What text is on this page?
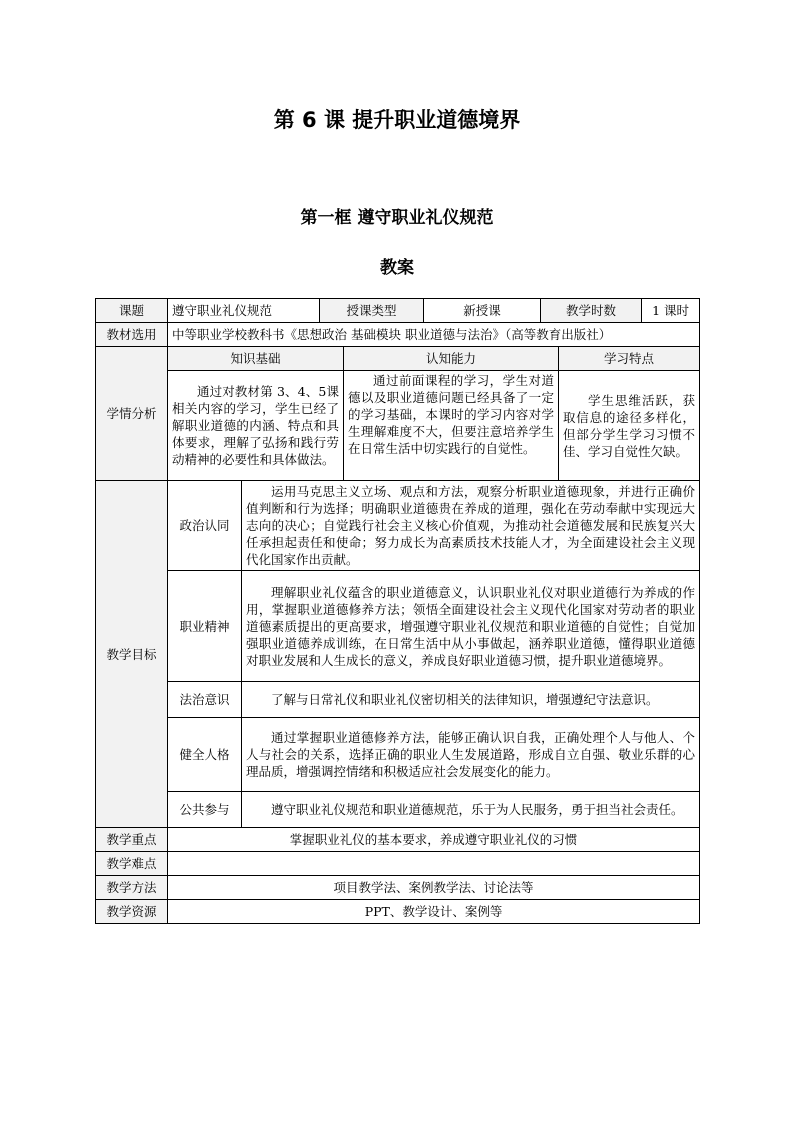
第 6 课 提升职业道德境界
第一框 遵守职业礼仪规范
教案
课题	遵守职业礼仪规范		授课类型		新授课	教学时数		1 课时
教材选用	中等职业学校教科书《思想政治 基础模块 职业道德与法治》（高等教育出版社）							
学情分析	知识基础			认知能力			学习特点	
	通过对教材第 3、4、5课相关内容的学习，学生已经了解职业道德的内涵、特点和具体要求，理解了弘扬和践行劳动精神的必要性和具体做法。			通过前面课程的学习，学生对道德以及职业道德问题已经具备了一定的学习基础，本课时的学习内容对学生理解难度不大，但要注意培养学生在日常生活中切实践行的自觉性。			学生思维活跃，获取信息的途径多样化，但部分学生学习习惯不佳、学习自觉性欠缺。	
教学目标	政治认同	运用马克思主义立场、观点和方法，观察分析职业道德现象，并进行正确价值判断和行为选择；明确职业道德贵在养成的道理，强化在劳动奉献中实现远大志向的决心；自觉践行社会主义核心价值观，为推动社会道德发展和民族复兴大任承担起责任和使命；努力成长为高素质技术技能人才，为全面建设社会主义现代化国家作出贡献。						
	职业精神	理解职业礼仪蕴含的职业道德意义，认识职业礼仪对职业道德行为养成的作用，掌握职业道德修养方法；领悟全面建设社会主义现代化国家对劳动者的职业道德素质提出的更高要求，增强遵守职业礼仪规范和职业道德的自觉性；自觉加强职业道德养成训练，在日常生活中从小事做起，涵养职业道德，懂得职业道德对职业发展和人生成长的意义，养成良好职业道德习惯，提升职业道德境界。						
	法治意识	了解与日常礼仪和职业礼仪密切相关的法律知识，增强遵纪守法意识。						
	健全人格	通过掌握职业道德修养方法，能够正确认识自我，正确处理个人与他人、个人与社会的关系，选择正确的职业人生发展道路，形成自立自强、敬业乐群的心理品质，增强调控情绪和积极适应社会发展变化的能力。						
	公共参与	遵守职业礼仪规范和职业道德规范，乐于为人民服务，勇于担当社会责任。						
教学重点	掌握职业礼仪的基本要求，养成遵守职业礼仪的习惯							
教学难点								
教学方法	项目教学法、案例教学法、讨论法等							
教学资源	PPT、教学设计、案例等							
